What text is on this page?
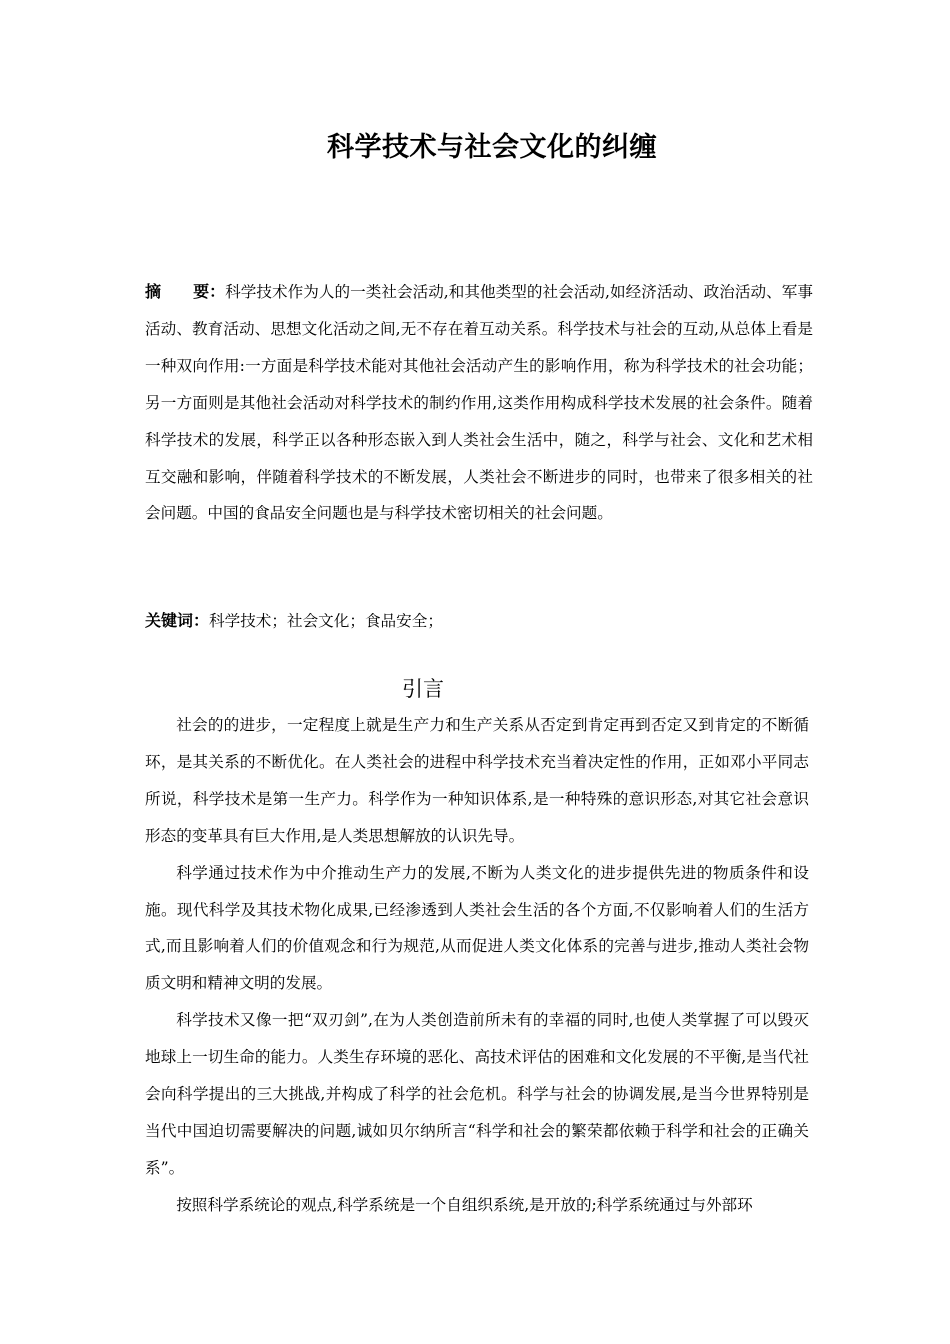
科学技术与社会文化的纠缠
摘　　要：科学技术作为人的一类社会活动,和其他类型的社会活动,如经济活动、政治活动、军事活动、教育活动、思想文化活动之间,无不存在着互动关系。科学技术与社会的互动,从总体上看是一种双向作用:一方面是科学技术能对其他社会活动产生的影响作用，称为科学技术的社会功能；另一方面则是其他社会活动对科学技术的制约作用,这类作用构成科学技术发展的社会条件。随着科学技术的发展，科学正以各种形态嵌入到人类社会生活中，随之，科学与社会、文化和艺术相互交融和影响，伴随着科学技术的不断发展，人类社会不断进步的同时，也带来了很多相关的社会问题。中国的食品安全问题也是与科学技术密切相关的社会问题。
关键词：科学技术；社会文化；食品安全；
引言

社会的的进步，一定程度上就是生产力和生产关系从否定到肯定再到否定又到肯定的不断循环，是其关系的不断优化。在人类社会的进程中科学技术充当着决定性的作用，正如邓小平同志所说，科学技术是第一生产力。科学作为一种知识体系,是一种特殊的意识形态,对其它社会意识形态的变革具有巨大作用,是人类思想解放的认识先导。

科学通过技术作为中介推动生产力的发展,不断为人类文化的进步提供先进的物质条件和设施。现代科学及其技术物化成果,已经渗透到人类社会生活的各个方面,不仅影响着人们的生活方式,而且影响着人们的价值观念和行为规范,从而促进人类文化体系的完善与进步,推动人类社会物质文明和精神文明的发展。

科学技术又像一把“双刃剑”,在为人类创造前所未有的幸福的同时,也使人类掌握了可以毁灭地球上一切生命的能力。人类生存环境的恶化、高技术评估的困难和文化发展的不平衡,是当代社会向科学提出的三大挑战,并构成了科学的社会危机。科学与社会的协调发展,是当今世界特别是当代中国迫切需要解决的问题,诚如贝尔纳所言“科学和社会的繁荣都依赖于科学和社会的正确关系”。

按照科学系统论的观点,科学系统是一个自组织系统,是开放的;科学系统通过与外部环
